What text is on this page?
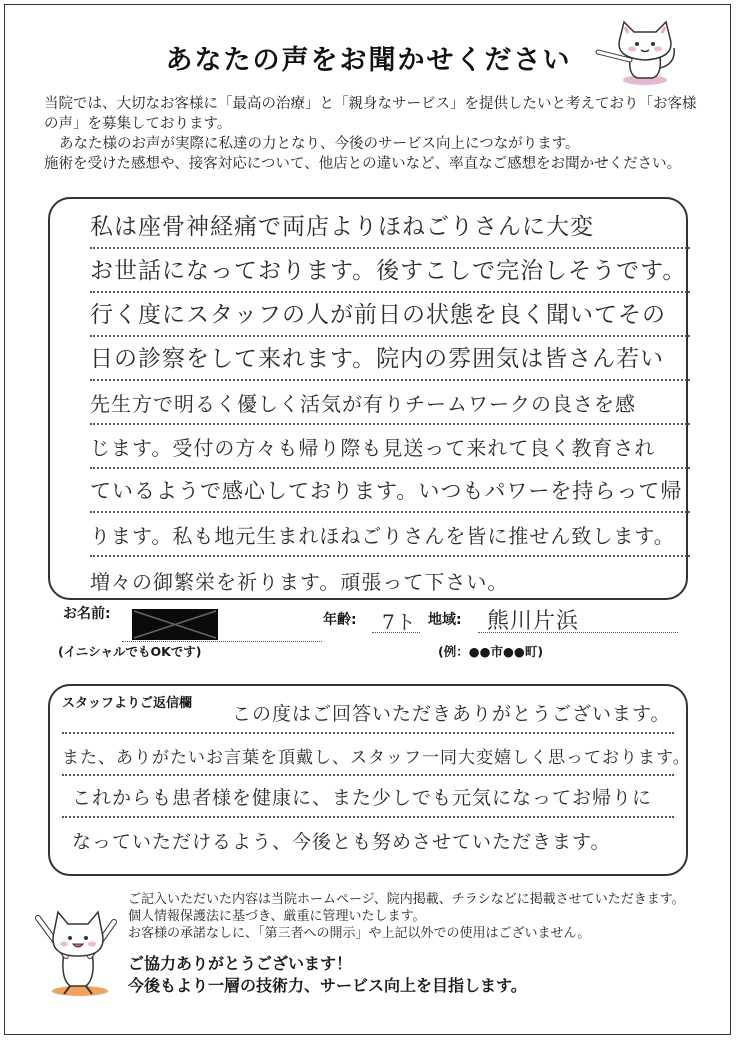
あなたの声をお聞かせください

当院では、大切なお客様に「最高の治療」と「親身なサービス」を提供したいと考えており「お客様の声」を募集しております。

あなた様のお声が実際に私達の力となり、今後のサービス向上につながります。

施術を受けた感想や、接客対応について、他店との違いなど、率直なご感想をお聞かせください。

私は座骨神経痛で両店よりほねごりさんに大変
お世話になっております。後すこしで完治しそうです。
行く度にスタッフの人が前日の状態を良く聞いてその
日の診察をして来れます。院内の雰囲気は皆さん若い
先生方で明るく優しく活気が有りチームワークの良さを感
じます。受付の方々も帰り際も見送って来れて良く教育され
ているようで感心しております。いつもパワーを持らって帰
ります。私も地元生まれほねごりさんを皆に推せん致します。
増々の御繁栄を祈ります。頑張って下さい。
お名前:	年齢: 7ト 地域: 熊川片浜
(イニシャルでもOKです)	(例：●●市●●町)
スタッフよりご返信欄 この度はご回答いただきありがとうございます。
また、ありがたいお言葉を頂戴し、スタッフ一同大変嬉しく思っております。
これからも患者様を健康に、また少しでも元気になってお帰りに
なっていただけるよう、今後とも努めさせていただきます。

ご記入いただいた内容は当院ホームページ、院内掲載、チラシなどに掲載させていただきます。

個人情報保護法に基づき、厳重に管理いたします。

お客様の承諾なしに、「第三者への開示」や上記以外での使用はございません。

ご協力ありがとうございます！

今後もより一層の技術力、サービス向上を目指します。
